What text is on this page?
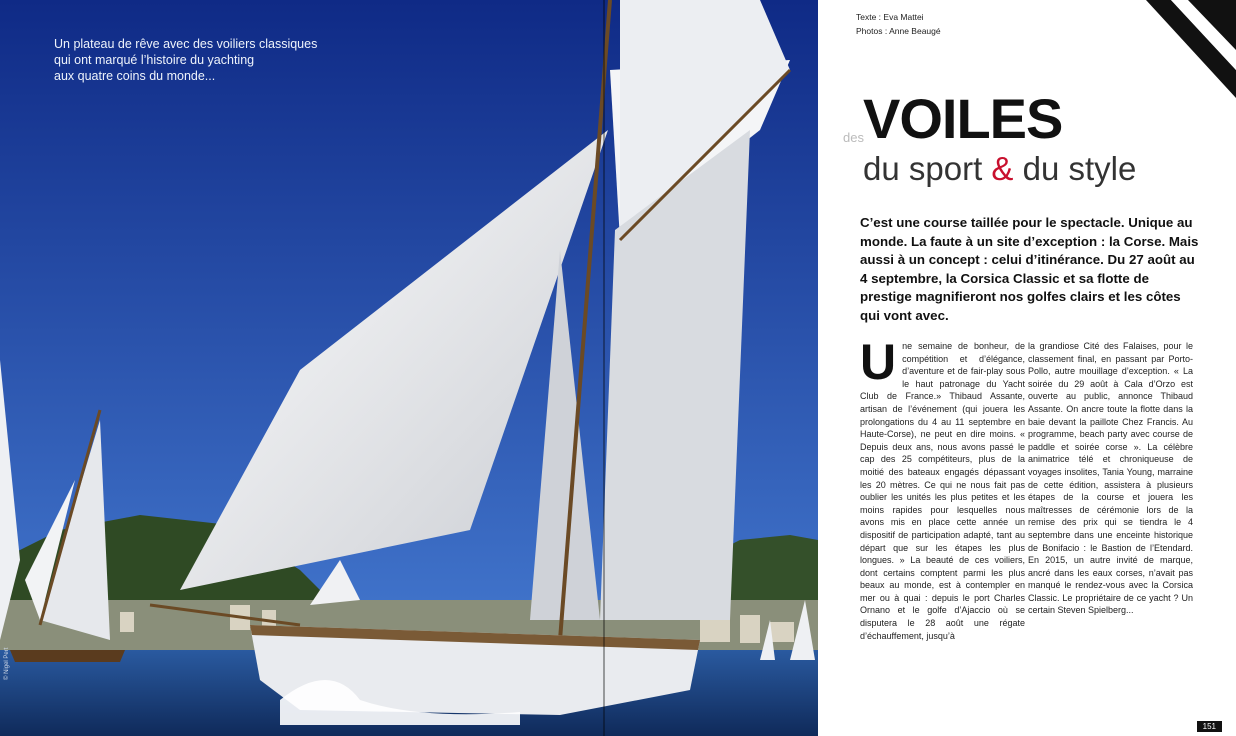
Un plateau de rêve avec des voiliers classiques
qui ont marqué l’histoire du yachting
aux quatre coins du monde...
© Nigel Pert
Texte : Eva Mattei
Photos : Anne Beaugé
des VOILES
du sport & du style
C’est une course taillée pour le spectacle. Unique au monde. La faute à un site d’exception : la Corse. Mais aussi à un concept : celui d’itinérance. Du 27 août au 4 septembre, la Corsica Classic et sa flotte de prestige magnifieront nos golfes clairs et les côtes qui vont avec.
Une semaine de bonheur, de compétition et d’élégance, d’aventure et de fair-play sous le haut patronage du Yacht Club de France.» Thibaud Assante, artisan de l’événement (qui jouera les prolongations du 4 au 11 septembre en Haute-Corse), ne peut en dire moins. « Depuis deux ans, nous avons passé le cap des 25 compétiteurs, plus de la moitié des bateaux engagés dépassant les 20 mètres. Ce qui ne nous fait pas oublier les unités les plus petites et les moins rapides pour lesquelles nous avons mis en place cette année un dispositif de participation adapté, tant au départ que sur les étapes les plus longues. » La beauté de ces voiliers, dont certains comptent parmi les plus beaux au monde, est à contempler en mer ou à quai : depuis le port Charles Ornano et le golfe d’Ajaccio où se disputera le 28 août une régate d’échauffement, jusqu’à
la grandiose Cité des Falaises, pour le classement final, en passant par Porto-Pollo, autre mouillage d’exception. « La soirée du 29 août à Cala d’Orzo est ouverte au public, annonce Thibaud Assante. On ancre toute la flotte dans la baie devant la paillote Chez Francis. Au programme, beach party avec course de paddle et soirée corse ». La célèbre animatrice télé et chroniqueuse de voyages insolites, Tania Young, marraine de cette édition, assistera à plusieurs étapes de la course et jouera les maîtresses de cérémonie lors de la remise des prix qui se tiendra le 4 septembre dans une enceinte historique de Bonifacio : le Bastion de l’Etendard. En 2015, un autre invité de marque, ancré dans les eaux corses, n’avait pas manqué le rendez-vous avec la Corsica Classic. Le propriétaire de ce yacht ? Un certain Steven Spielberg...
151
